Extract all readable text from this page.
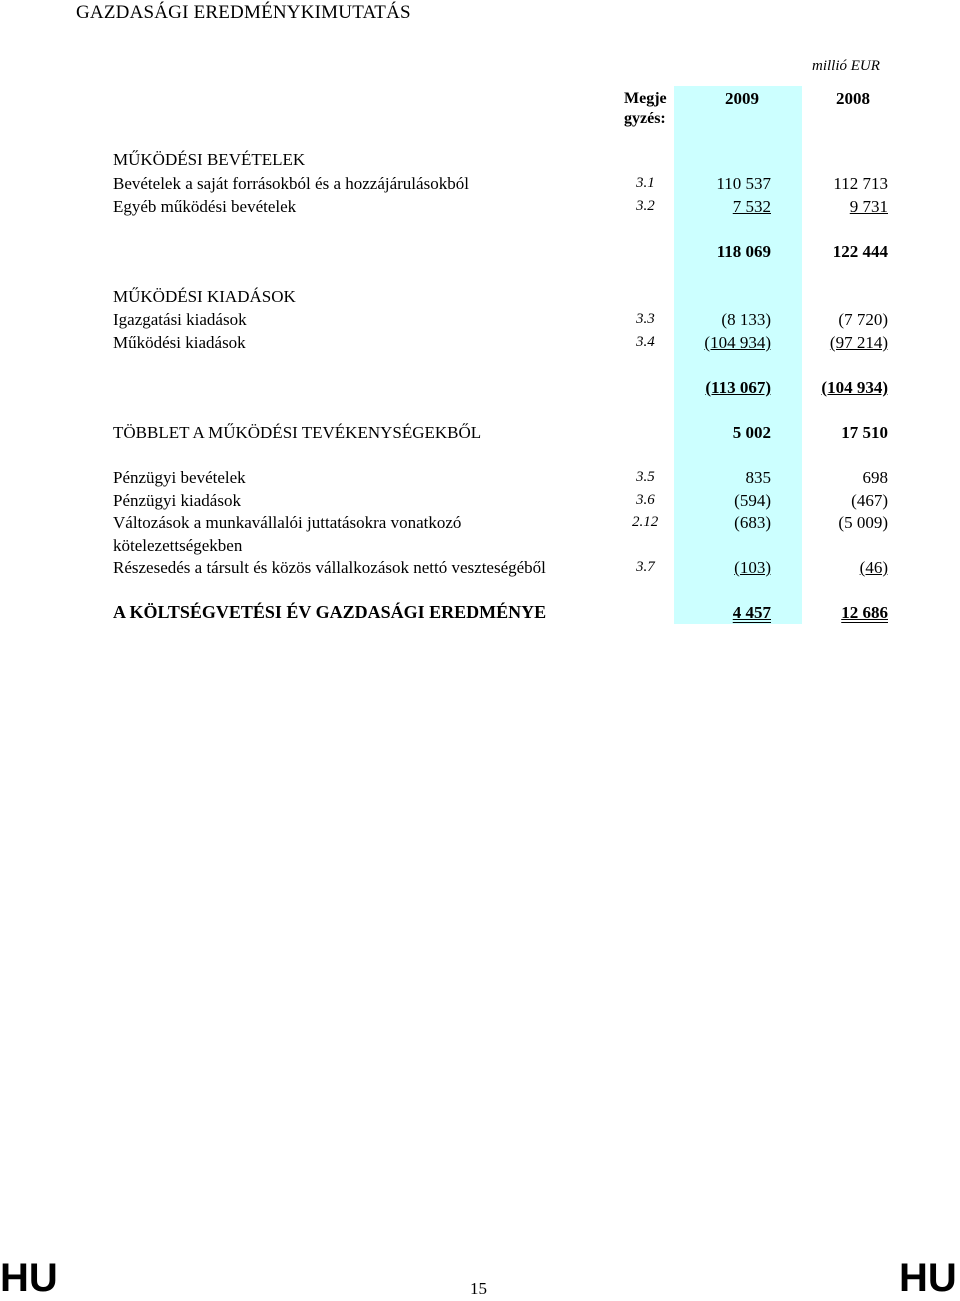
GAZDASÁGI EREDMÉNYKIMUTATÁS
millió EUR
Megje gyzés:
2009	2008
MŰKÖDÉSI BEVÉTELEK
Bevételek a saját forrásokból és a hozzájárulásokból	3.1	110 537	112 713
Egyéb működési bevételek	3.2	7 532	9 731
118 069	122 444
MŰKÖDÉSI KIADÁSOK
Igazgatási kiadások	3.3	(8 133)	(7 720)
Működési kiadások	3.4	(104 934)	(97 214)
(113 067)	(104 934)
TÖBBLET A MŰKÖDÉSI TEVÉKENYSÉGEKBŐL	5 002	17 510
Pénzügyi bevételek	3.5	835	698
Pénzügyi kiadások	3.6	(594)	(467)
Változások a munkavállalói juttatásokra vonatkozó
kötelezettségekben
2.12	(683)	(5 009)
Részesedés a társult és közös vállalkozások nettó veszteségéből	3.7	(103)	(46)
A KÖLTSÉGVETÉSI ÉV GAZDASÁGI EREDMÉNYE	4 457	12 686
HU	15	HU
